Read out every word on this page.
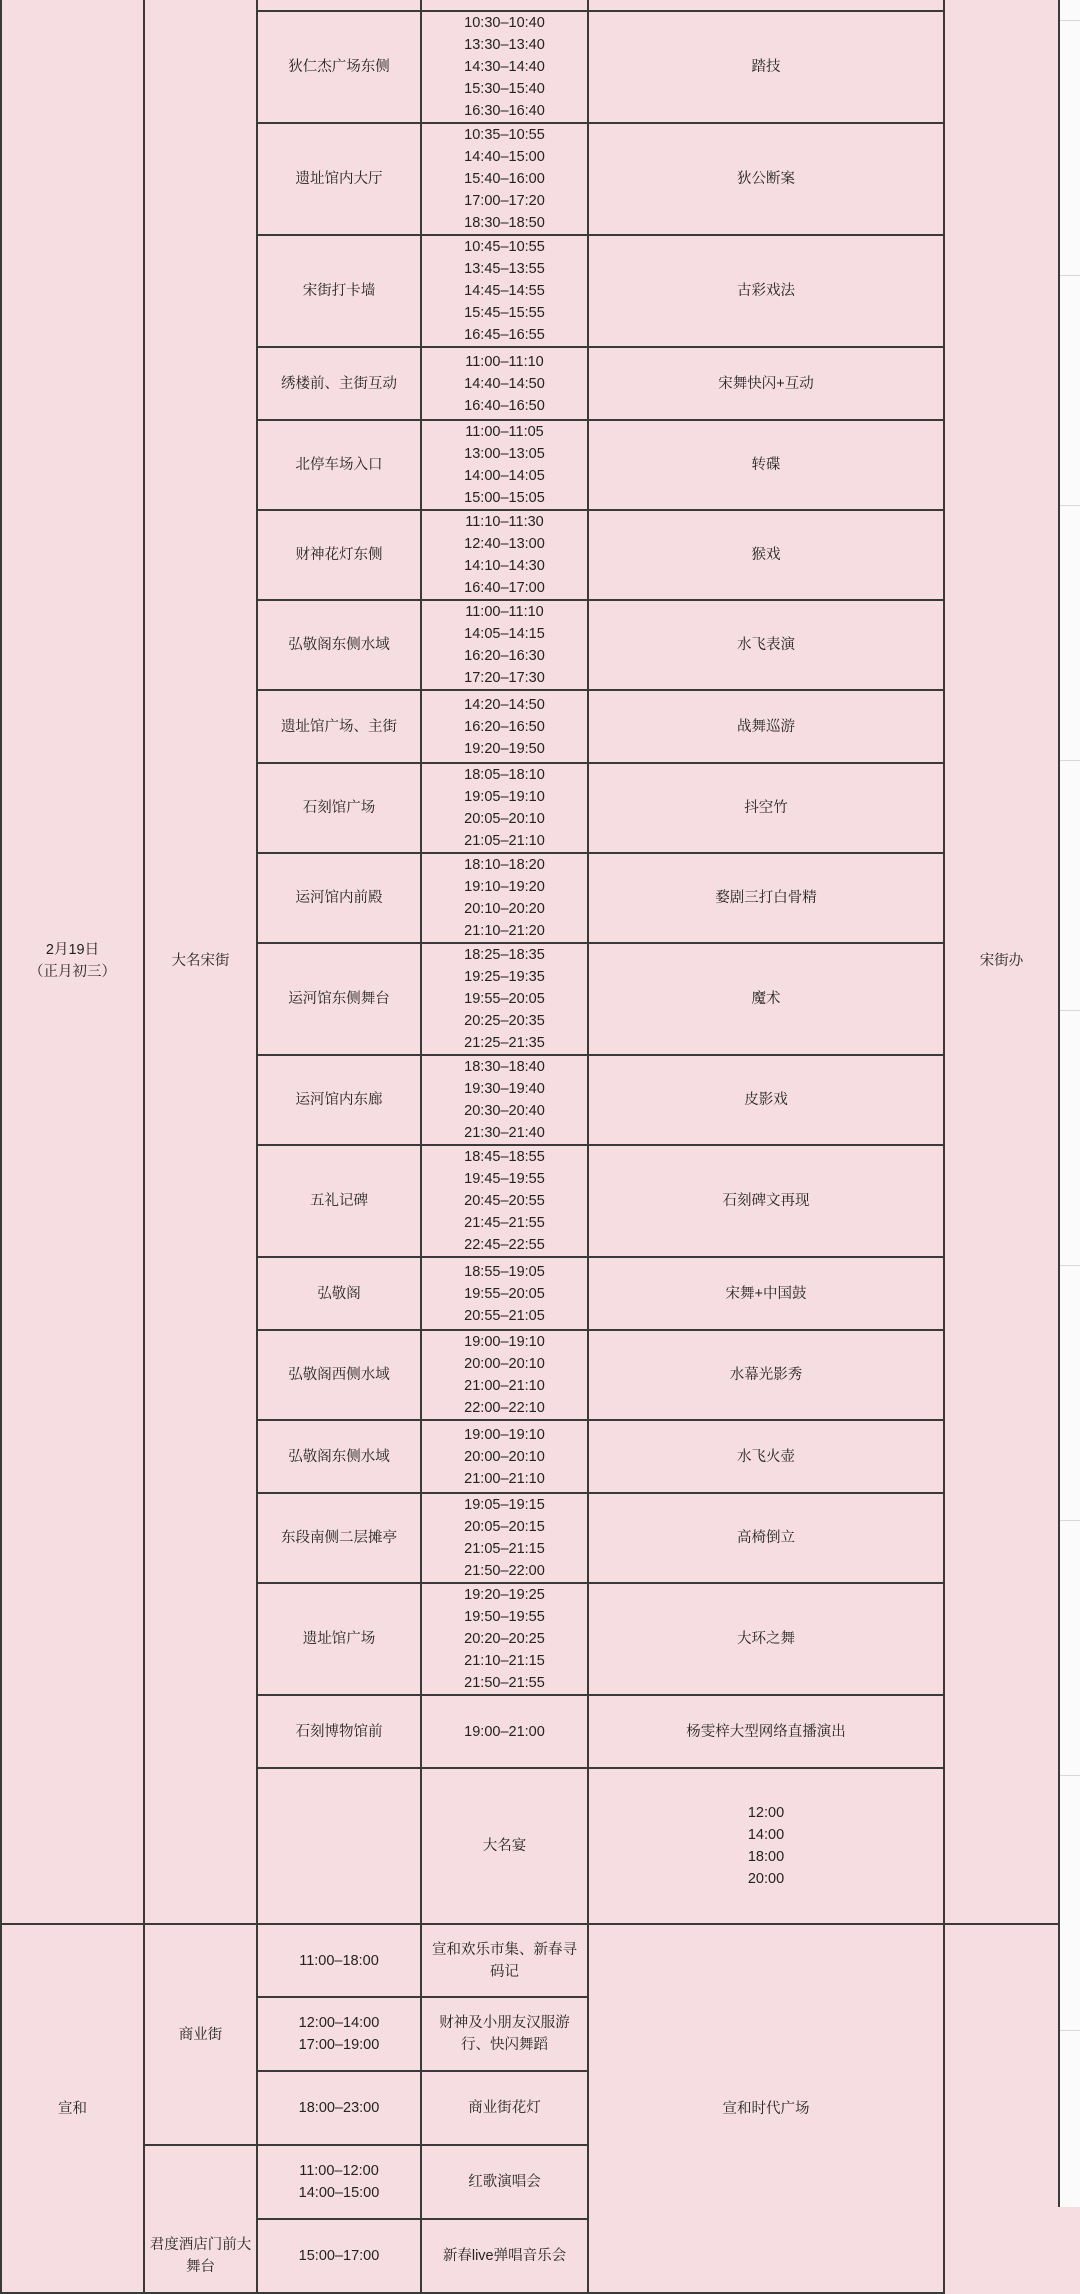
2月19日
（正月初三）	大名宋街				宋街办	
		狄仁杰广场东侧	10:30–10:40
13:30–13:40
14:30–14:40
15:30–15:40
16:30–16:40	踏技		
		遗址馆内大厅	10:35–10:55
14:40–15:00
15:40–16:00
17:00–17:20
18:30–18:50	狄公断案		
		宋街打卡墙	10:45–10:55
13:45–13:55
14:45–14:55
15:45–15:55
16:45–16:55	古彩戏法		
		绣楼前、主街互动	11:00–11:10
14:40–14:50
16:40–16:50	宋舞快闪+互动		
		北停车场入口	11:00–11:05
13:00–13:05
14:00–14:05
15:00–15:05	转碟		
		财神花灯东侧	11:10–11:30
12:40–13:00
14:10–14:30
16:40–17:00	猴戏		
		弘敬阁东侧水域	11:00–11:10
14:05–14:15
16:20–16:30
17:20–17:30	水飞表演		
		遗址馆广场、主街	14:20–14:50
16:20–16:50
19:20–19:50	战舞巡游		
		石刻馆广场	18:05–18:10
19:05–19:10
20:05–20:10
21:05–21:10	抖空竹		
		运河馆内前殿	18:10–18:20
19:10–19:20
20:10–20:20
21:10–21:20	婺剧三打白骨精		
		运河馆东侧舞台	18:25–18:35
19:25–19:35
19:55–20:05
20:25–20:35
21:25–21:35	魔术		
		运河馆内东廊	18:30–18:40
19:30–19:40
20:30–20:40
21:30–21:40	皮影戏		
		五礼记碑	18:45–18:55
19:45–19:55
20:45–20:55
21:45–21:55
22:45–22:55	石刻碑文再现		
		弘敬阁	18:55–19:05
19:55–20:05
20:55–21:05	宋舞+中国鼓		
		弘敬阁西侧水域	19:00–19:10
20:00–20:10
21:00–21:10
22:00–22:10	水幕光影秀		
		弘敬阁东侧水域	19:00–19:10
20:00–20:10
21:00–21:10	水飞火壶		
		东段南侧二层摊亭	19:05–19:15
20:05–20:15
21:05–21:15
21:50–22:00	高椅倒立		
		遗址馆广场	19:20–19:25
19:50–19:55
20:20–20:25
21:10–21:15
21:50–21:55	大环之舞		
		石刻博物馆前	19:00–21:00	杨雯梓大型网络直播演出		
			大名宴	12:00
14:00
18:00
20:00

宣和	商业街	11:00–18:00	宣和欢乐市集、新春寻码记	宣和时代广场		

		12:00–14:00
17:00–19:00	财神及小朋友汉服游行、快闪舞蹈			

		18:00–23:00	商业街花灯			
	君度酒店门前大舞台	11:00–12:00
14:00–15:00	红歌演唱会			

		15:00–17:00	新春live弹唱音乐会			
